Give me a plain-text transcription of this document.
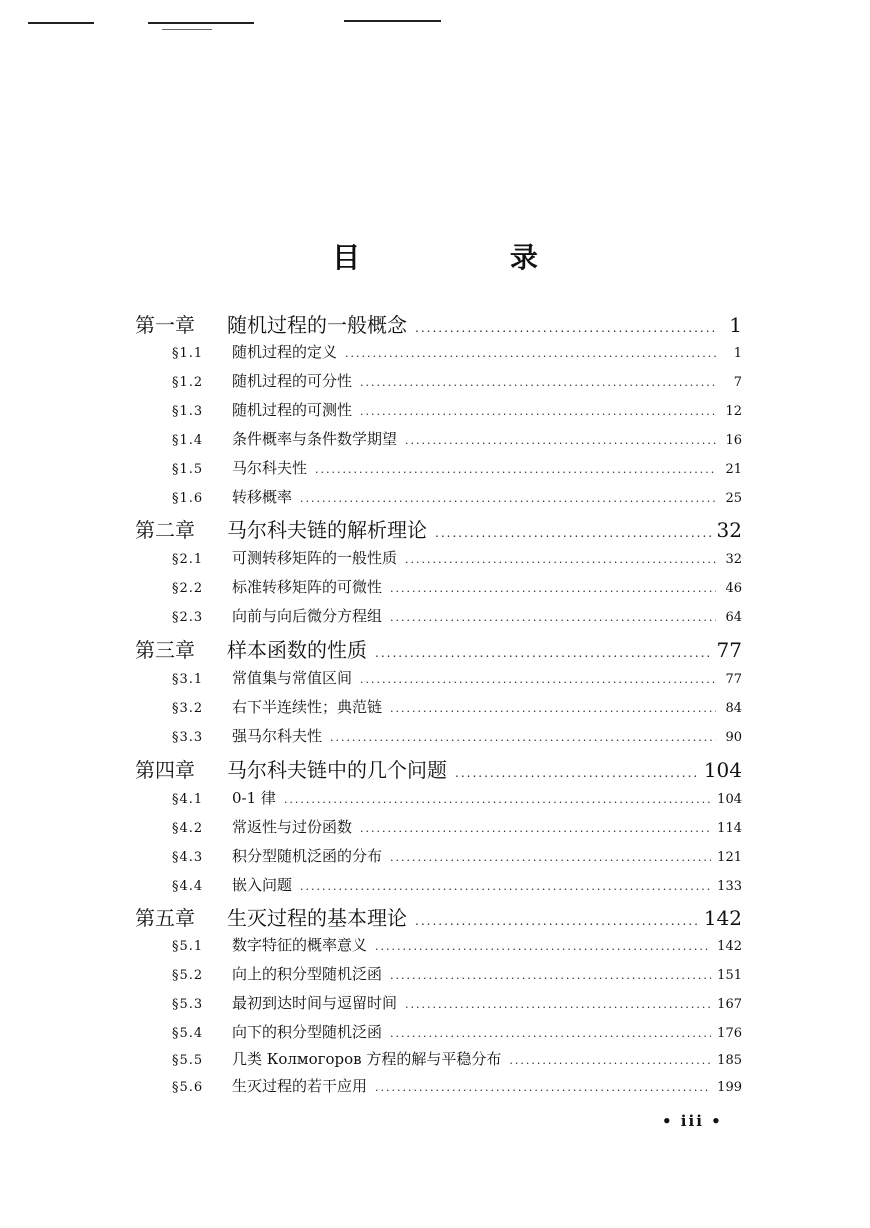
目 录
第一章	随机过程的一般概念 .....	1
§1.1	随机过程的定义 .....	1
§1.2	随机过程的可分性 .....	7
§1.3	随机过程的可测性 .....	12
§1.4	条件概率与条件数学期望 .....	16
§1.5	马尔科夫性 .....	21
§1.6	转移概率 .....	25
第二章	马尔科夫链的解析理论 .....	32
§2.1	可测转移矩阵的一般性质 .....	32
§2.2	标准转移矩阵的可微性 .....	46
§2.3	向前与向后微分方程组 .....	64
第三章	样本函数的性质 .....	77
§3.1	常值集与常值区间 .....	77
§3.2	右下半连续性；典范链 .....	84
§3.3	强马尔科夫性 .....	90
第四章	马尔科夫链中的几个问题 .....	104
§4.1	0-1 律 .....	104
§4.2	常返性与过份函数 .....	114
§4.3	积分型随机泛函的分布 .....	121
§4.4	嵌入问题 .....	133
第五章	生灭过程的基本理论 .....	142
§5.1	数字特征的概率意义 .....	142
§5.2	向上的积分型随机泛函 .....	151
§5.3	最初到达时间与逗留时间 .....	167
§5.4	向下的积分型随机泛函 .....	176
§5.5	几类 Колмогоров 方程的解与平稳分布 .....	185
§5.6	生灭过程的若干应用 .....	199
• iii •
